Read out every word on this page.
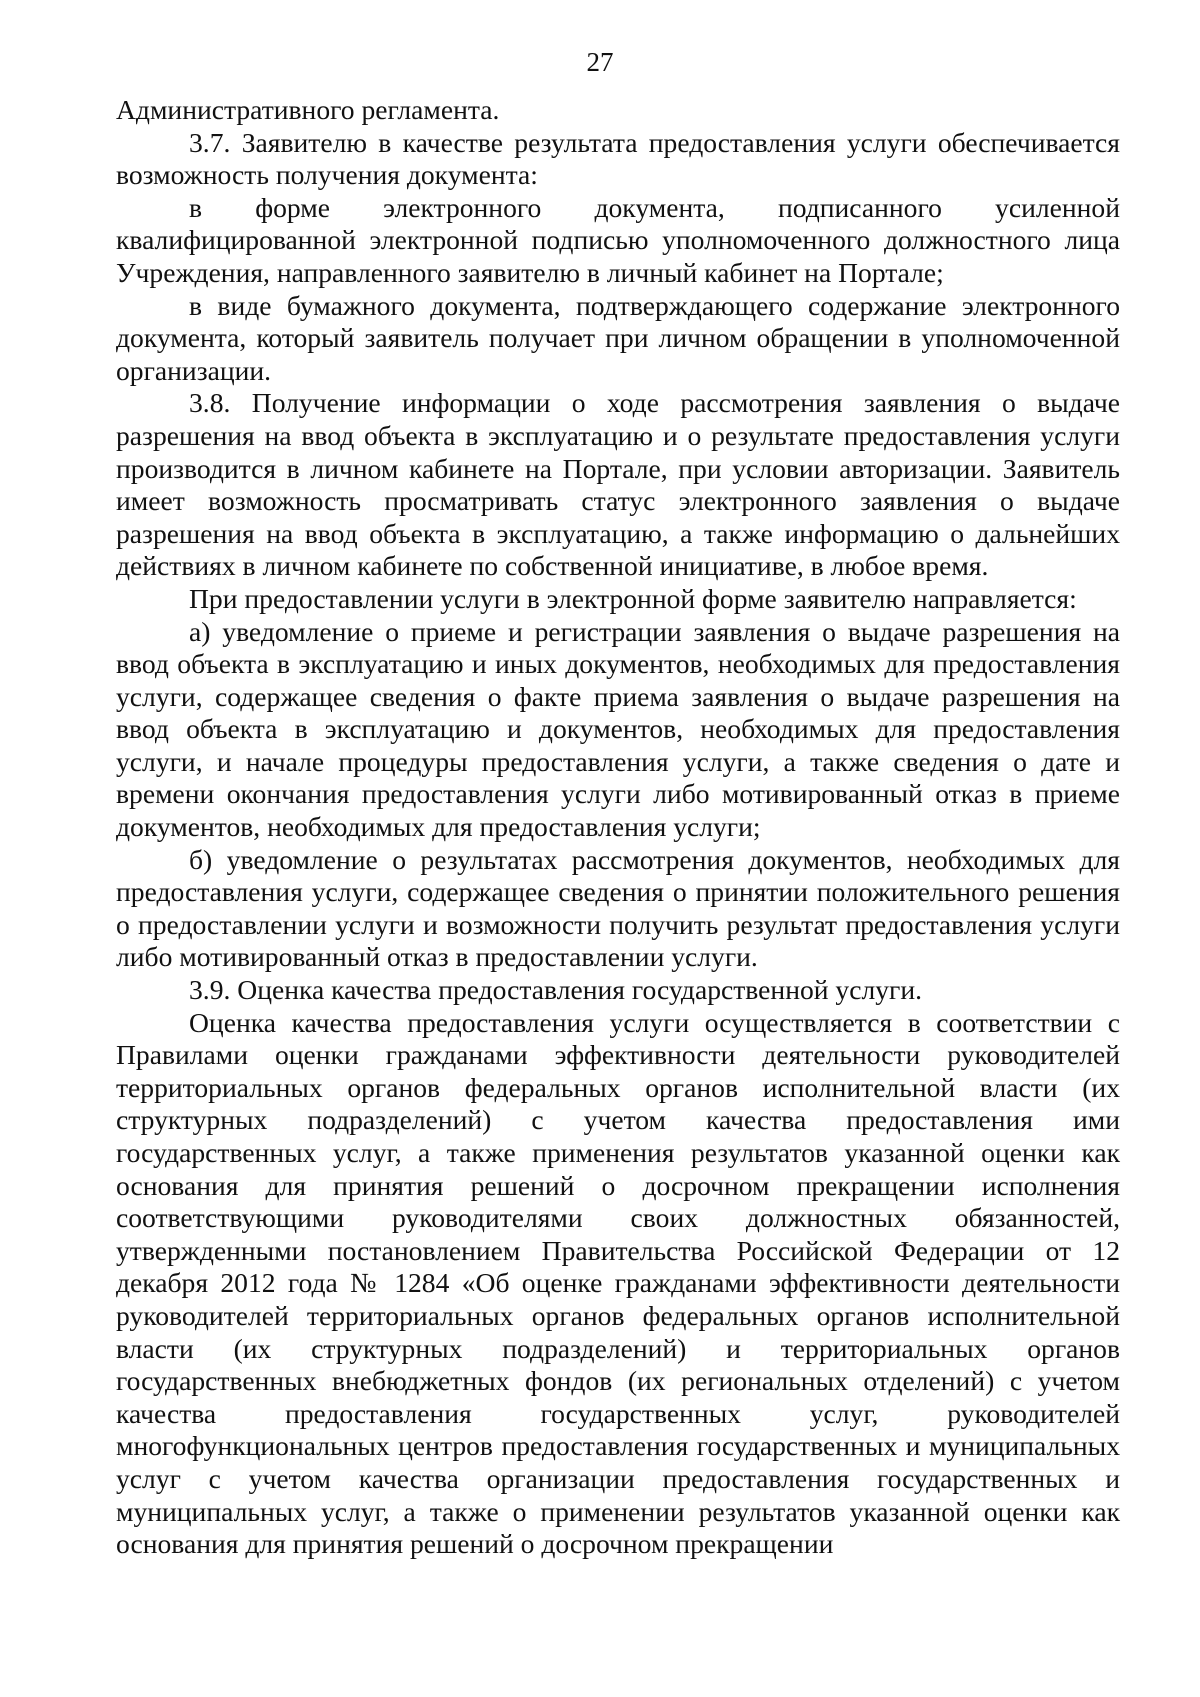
27

Административного регламента.

3.7. Заявителю в качестве результата предоставления услуги обеспечивается возможность получения документа:

в форме электронного документа, подписанного усиленной квалифицированной электронной подписью уполномоченного должностного лица Учреждения, направленного заявителю в личный кабинет на Портале;

в виде бумажного документа, подтверждающего содержание электронного документа, который заявитель получает при личном обращении в уполномоченной организации.

3.8. Получение информации о ходе рассмотрения заявления о выдаче разрешения на ввод объекта в эксплуатацию и о результате предоставления услуги производится в личном кабинете на Портале, при условии авторизации. Заявитель имеет возможность просматривать статус электронного заявления о выдаче разрешения на ввод объекта в эксплуатацию, а также информацию о дальнейших действиях в личном кабинете по собственной инициативе, в любое время.

При предоставлении услуги в электронной форме заявителю направляется:

а) уведомление о приеме и регистрации заявления о выдаче разрешения на ввод объекта в эксплуатацию и иных документов, необходимых для предоставления услуги, содержащее сведения о факте приема заявления о выдаче разрешения на ввод объекта в эксплуатацию и документов, необходимых для предоставления услуги, и начале процедуры предоставления услуги, а также сведения о дате и времени окончания предоставления услуги либо мотивированный отказ в приеме документов, необходимых для предоставления услуги;

б) уведомление о результатах рассмотрения документов, необходимых для предоставления услуги, содержащее сведения о принятии положительного решения о предоставлении услуги и возможности получить результат предоставления услуги либо мотивированный отказ в предоставлении услуги.

3.9. Оценка качества предоставления государственной услуги.

Оценка качества предоставления услуги осуществляется в соответствии с Правилами оценки гражданами эффективности деятельности руководителей территориальных органов федеральных органов исполнительной власти (их структурных подразделений) с учетом качества предоставления ими государственных услуг, а также применения результатов указанной оценки как основания для принятия решений о досрочном прекращении исполнения соответствующими руководителями своих должностных обязанностей, утвержденными постановлением Правительства Российской Федерации от 12 декабря 2012 года № 1284 «Об оценке гражданами эффективности деятельности руководителей территориальных органов федеральных органов исполнительной власти (их структурных подразделений) и территориальных органов государственных внебюджетных фондов (их региональных отделений) с учетом качества предоставления государственных услуг, руководителей многофункциональных центров предоставления государственных и муниципальных услуг с учетом качества организации предоставления государственных и муниципальных услуг, а также о применении результатов указанной оценки как основания для принятия решений о досрочном прекращении
